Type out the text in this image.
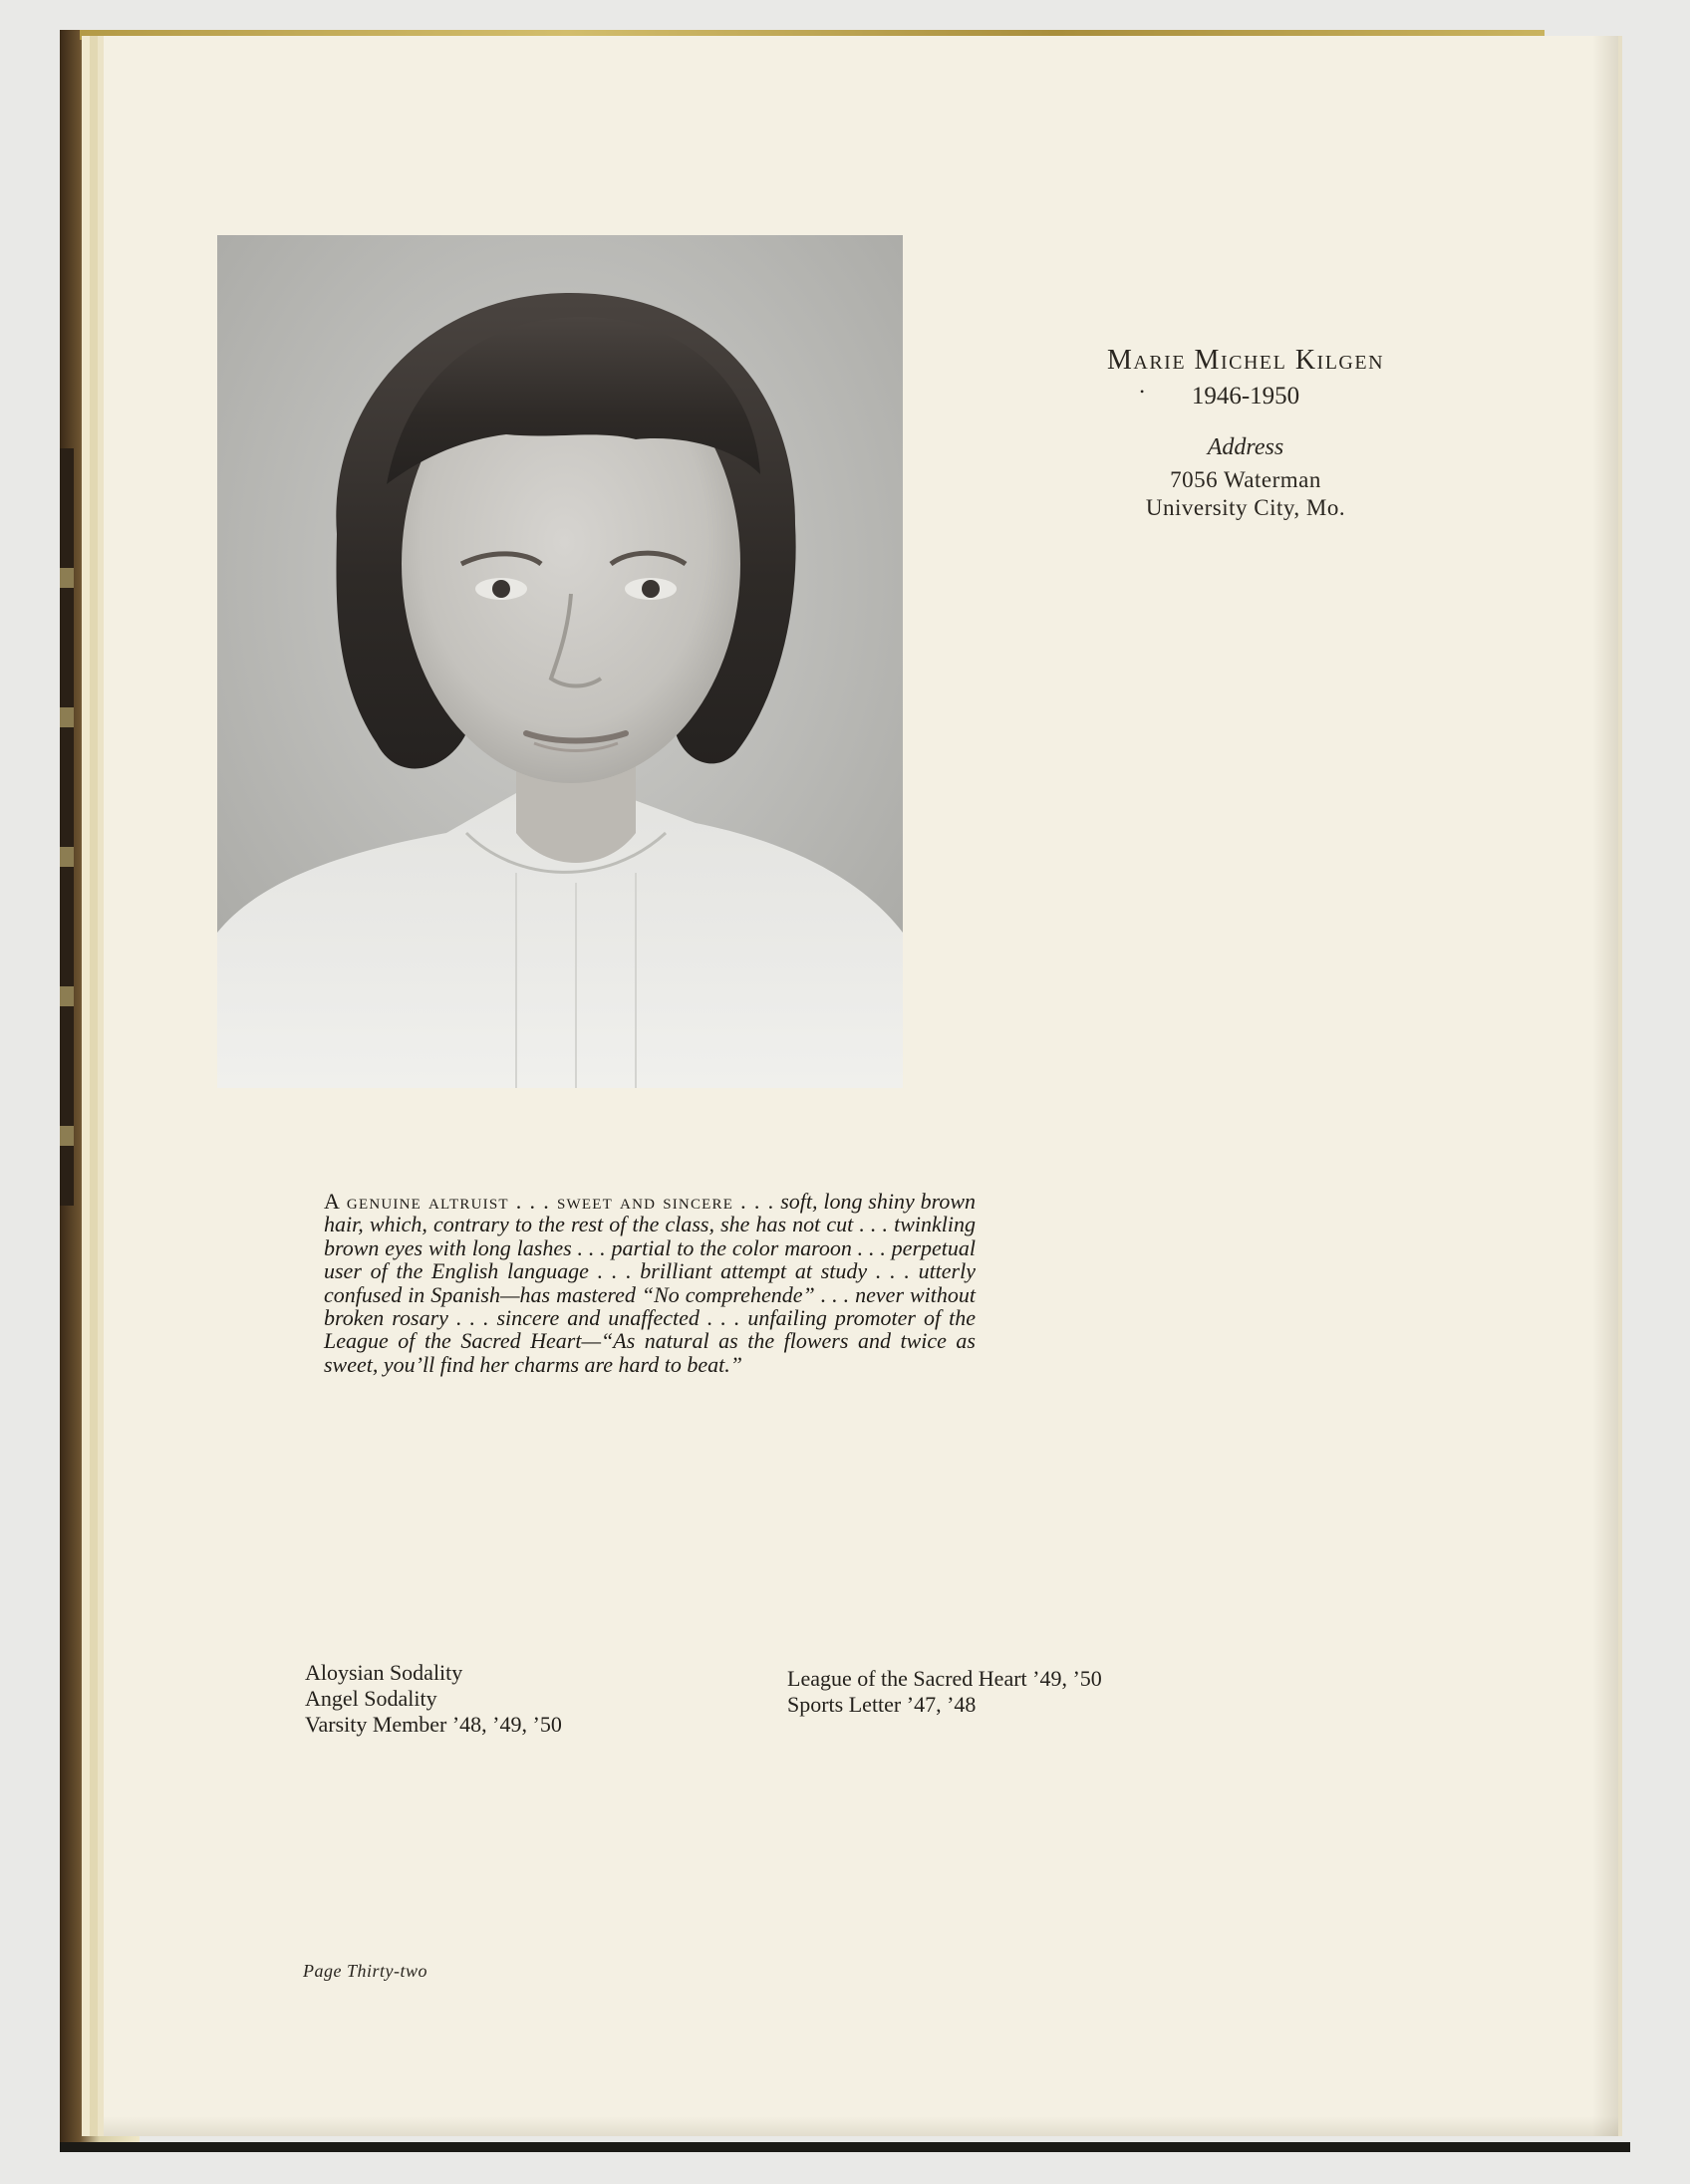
Marie Michel Kilgen

• 1946-1950

Address

7056 Waterman

University City, Mo.

A genuine altruist . . . sweet and sincere . . . soft, long shiny brown hair, which, contrary to the rest of the class, she has not cut . . . twinkling brown eyes with long lashes . . . partial to the color maroon . . . perpetual user of the English language . . . brilliant attempt at study . . . utterly confused in Spanish—has mastered “No comprehende” . . . never without broken rosary . . . sincere and unaffected . . . unfailing promoter of the League of the Sacred Heart—“As natural as the flowers and twice as sweet, you’ll find her charms are hard to beat.”
Aloysian Sodality
Angel Sodality
Varsity Member ’48, ’49, ’50
League of the Sacred Heart ’49, ’50
Sports Letter ’47, ’48
Page Thirty-two
